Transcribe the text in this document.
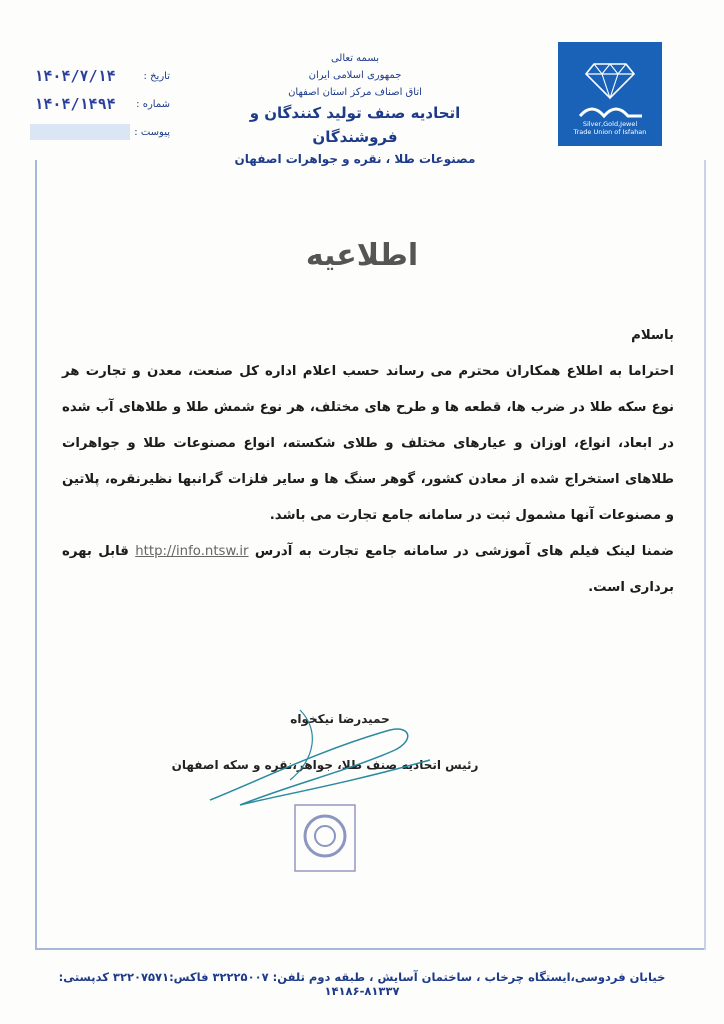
Silver,Gold,Jewel
Trade Union of Isfahan
بسمه تعالی
جمهوری اسلامی ایران
اتاق اصناف مرکز استان اصفهان
اتحادیه صنف تولید کنندگان و فروشندگان
مصنوعات طلا ، نقره و جواهرات اصفهان
تاریخ :
۱۴۰۴/۷/۱۴
شماره :
۱۴۰۴/۱۴۹۴
پیوست :
اطلاعیه

باسلام

احتراما به اطلاع همکاران محترم می رساند حسب اعلام اداره کل صنعت، معدن و تجارت هر نوع سکه طلا در ضرب ها، قطعه ها و طرح های مختلف، هر نوع شمش طلا و طلاهای آب شده در ابعاد، انواع، اوزان و عیارهای مختلف و طلای شکسته، انواع مصنوعات طلا و جواهرات طلاهای استخراج شده از معادن کشور، گوهر سنگ ها و سایر فلزات گرانبها نظیرنقره، پلاتین و مصنوعات آنها مشمول ثبت در سامانه جامع تجارت می باشد.

ضمنا لینک فیلم های آموزشی در سامانه جامع تجارت به آدرس http://info.ntsw.ir قابل بهره برداری است.

حمیدرضا نیکخواه
رئیس اتحادیه صنف طلا، جواهر،نقره و سکه اصفهان
خیابان فردوسی،ایستگاه چرخاب ، ساختمان آسایش ، طبقه دوم تلفن: ۳۲۲۲۵۰۰۷ فاکس:۳۲۲۰۷۵۷۱ کدپستی: ۸۱۳۳۷-۱۴۱۸۶
